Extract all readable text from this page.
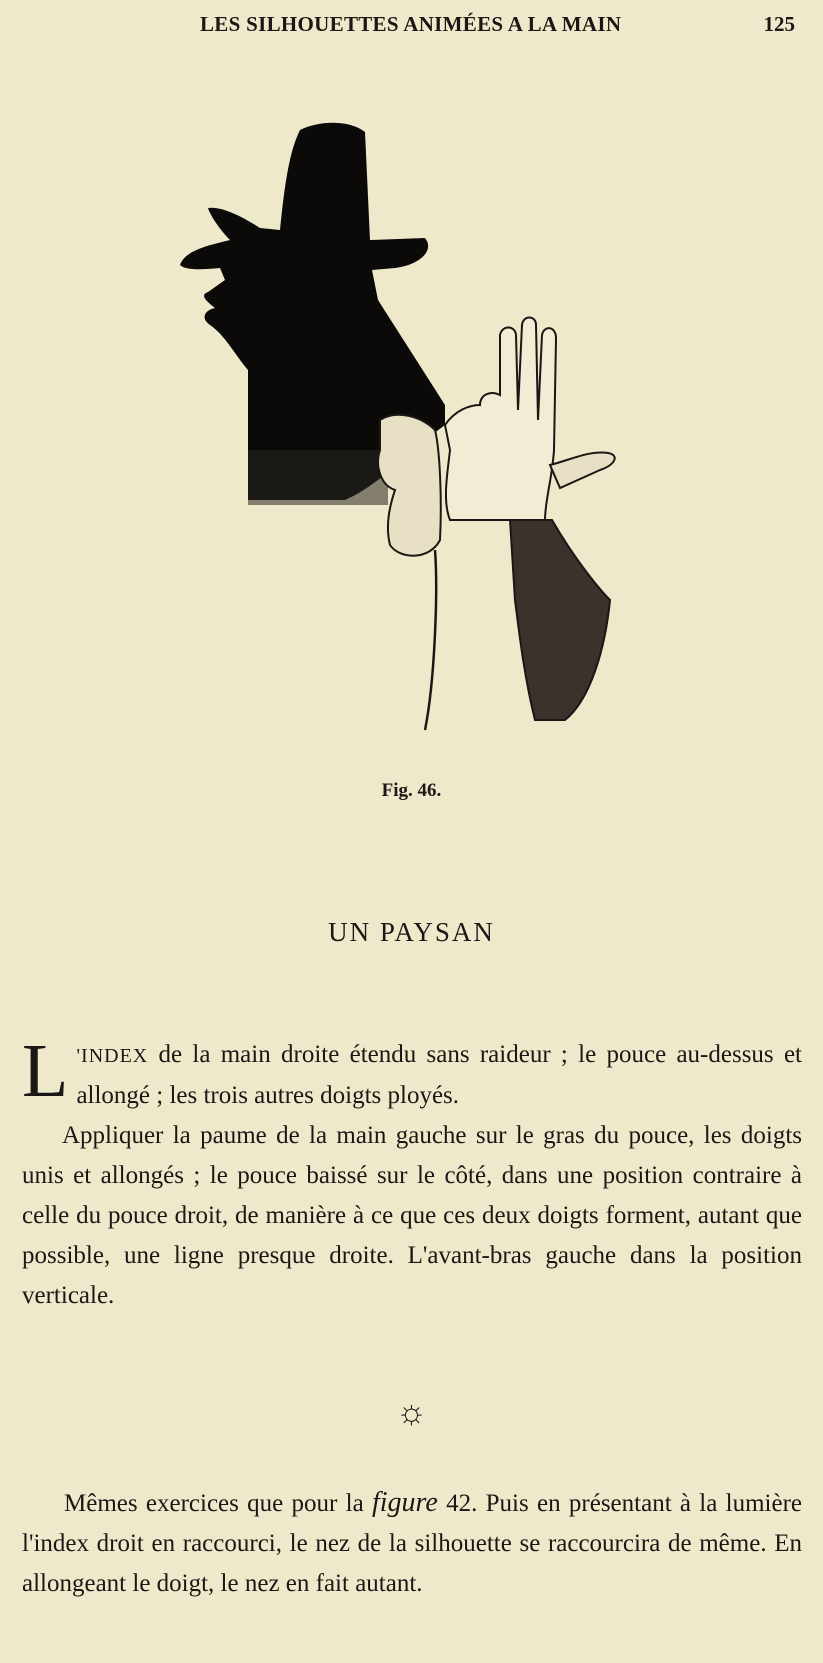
LES SILHOUETTES ANIMÉES A LA MAIN	125
Fig. 46.
UN PAYSAN
L 'INDEX de la main droite étendu sans raideur ; le pouce au-dessus et allongé ; les trois autres doigts ployés.
Appliquer la paume de la main gauche sur le gras du pouce, les doigts unis et allongés ; le pouce baissé sur le côté, dans une position contraire à celle du pouce droit, de manière à ce que ces deux doigts forment, autant que possible, une ligne presque droite. L'avant-bras gauche dans la position verticale.
☼
Mêmes exercices que pour la figure 42. Puis en présentant à la lumière l'index droit en raccourci, le nez de la silhouette se raccourcira de même. En allongeant le doigt, le nez en fait autant.
